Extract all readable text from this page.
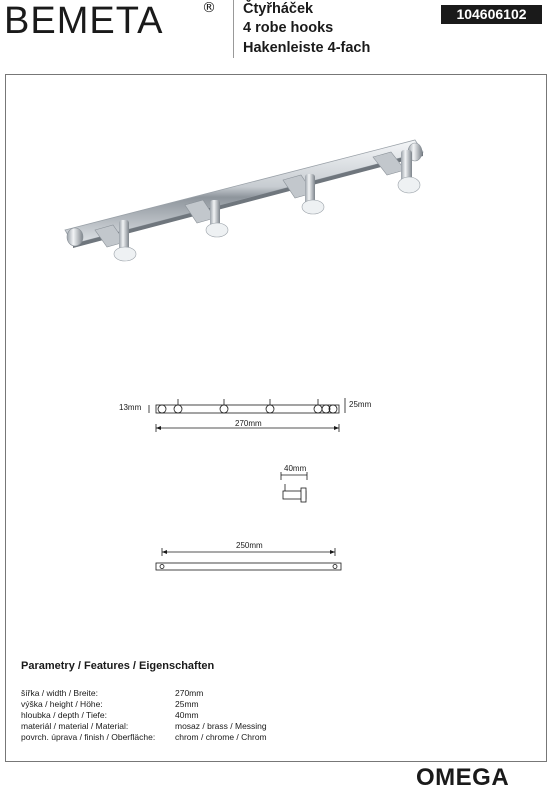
BEMETA	® Čtyřháček
4 robe hooks
Hakenleiste 4-fach
104606102
13mm	25mm
270mm
40mm
250mm
Parametry / Features / Eigenschaften
šířka / width / Breite:	270mm
výška / height / Höhe:	25mm
hloubka / depth / Tiefe:	40mm
materiál / material / Material:	mosaz / brass / Messing
povrch. úprava / finish / Oberfläche: chrom / chrome / Chrom
OMEGA
